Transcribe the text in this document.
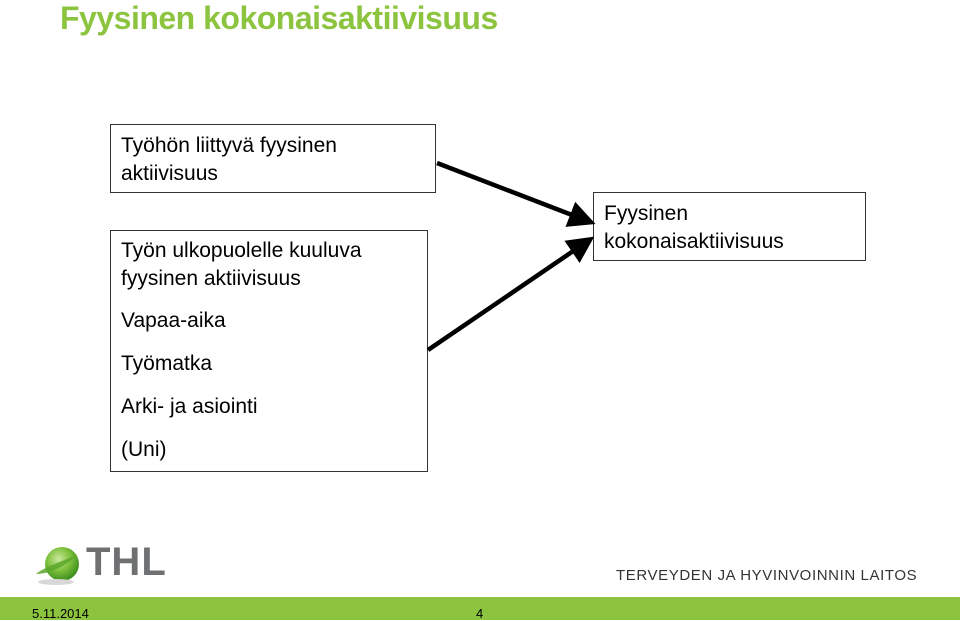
Fyysinen kokonaisaktiivisuus
Työhön liittyvä fyysinen
aktiivisuus
Työn ulkopuolelle kuuluva
fyysinen aktiivisuus
Vapaa-aika
Työmatka
Arki- ja asiointi
(Uni)
Fyysinen
kokonaisaktiivisuus
THL	TERVEYDEN JA HYVINVOINNIN LAITOS
5.11.2014	4
